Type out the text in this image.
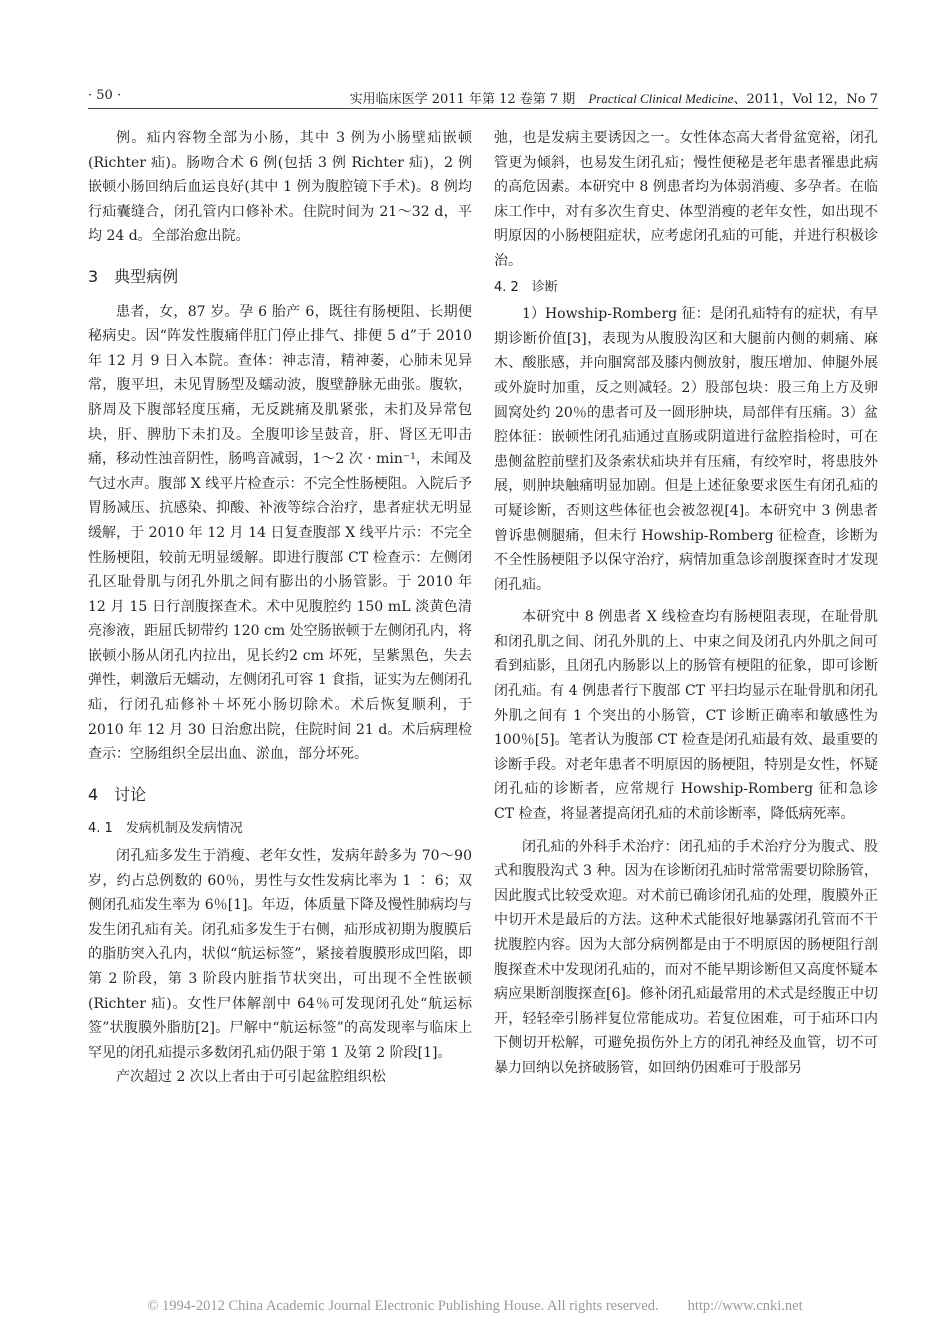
· 50 ·	实用临床医学 2011 年第 12 卷第 7 期　 Practical Clinical Medicine、2011，Vol 12，No 7

例。疝内容物全部为小肠，其中 3 例为小肠壁疝嵌顿(Richter 疝)。肠吻合术 6 例(包括 3 例 Richter 疝)，2 例嵌顿小肠回纳后血运良好(其中 1 例为腹腔镜下手术)。8 例均行疝囊缝合，闭孔管内口修补术。住院时间为 21～32 d，平均 24 d。全部治愈出院。

3　典型病例

患者，女，87 岁。孕 6 胎产 6，既往有肠梗阻、长期便秘病史。因“阵发性腹痛伴肛门停止排气、排便 5 d”于 2010 年 12 月 9 日入本院。查体：神志清，精神萎，心肺未见异常，腹平坦，未见胃肠型及蠕动波，腹壁静脉无曲张。腹软，脐周及下腹部轻度压痛，无反跳痛及肌紧张，未扪及异常包块，肝、脾肋下未扪及。全腹叩诊呈鼓音，肝、肾区无叩击痛，移动性浊音阴性，肠鸣音减弱，1～2 次 · min⁻¹，未闻及气过水声。腹部 X 线平片检查示：不完全性肠梗阻。入院后予胃肠减压、抗感染、抑酸、补液等综合治疗，患者症状无明显缓解，于 2010 年 12 月 14 日复查腹部 X 线平片示：不完全性肠梗阻，较前无明显缓解。即进行腹部 CT 检查示：左侧闭孔区耻骨肌与闭孔外肌之间有膨出的小肠管影。于 2010 年 12 月 15 日行剖腹探查术。术中见腹腔约 150 mL 淡黄色清亮渗液，距屈氏韧带约 120 cm 处空肠嵌顿于左侧闭孔内，将嵌顿小肠从闭孔内拉出，见长约2 cm 坏死，呈紫黑色，失去弹性，刺激后无蠕动，左侧闭孔可容 1 食指，证实为左侧闭孔疝，行闭孔疝修补＋坏死小肠切除术。术后恢复顺利，于 2010 年 12 月 30 日治愈出院，住院时间 21 d。术后病理检查示：空肠组织全层出血、淤血，部分坏死。

4　讨论

4. 1　发病机制及发病情况

闭孔疝多发生于消瘦、老年女性，发病年龄多为 70～90 岁，约占总例数的 60％，男性与女性发病比率为 1 ∶ 6；双侧闭孔疝发生率为 6％[1]。年迈，体质量下降及慢性肺病均与发生闭孔疝有关。闭孔疝多发生于右侧，疝形成初期为腹膜后的脂肪突入孔内，状似“航运标签”，紧接着腹膜形成凹陷，即第 2 阶段，第 3 阶段内脏指节状突出，可出现不全性嵌顿(Richter 疝)。女性尸体解剖中 64％可发现闭孔处“航运标签”状腹膜外脂肪[2]。尸解中“航运标签”的高发现率与临床上罕见的闭孔疝提示多数闭孔疝仍限于第 1 及第 2 阶段[1]。

产次超过 2 次以上者由于可引起盆腔组织松

弛，也是发病主要诱因之一。女性体态高大者骨盆宽裕，闭孔管更为倾斜，也易发生闭孔疝；慢性便秘是老年患者罹患此病的高危因素。本研究中 8 例患者均为体弱消瘦、多孕者。在临床工作中，对有多次生育史、体型消瘦的老年女性，如出现不明原因的小肠梗阻症状，应考虑闭孔疝的可能，并进行积极诊治。

4. 2　诊断

1）Howship-Romberg 征：是闭孔疝特有的症状，有早期诊断价值[3]，表现为从腹股沟区和大腿前内侧的刺痛、麻木、酸胀感，并向腘窝部及膝内侧放射，腹压增加、伸腿外展或外旋时加重，反之则减轻。2）股部包块：股三角上方及卵圆窝处约 20％的患者可及一圆形肿块，局部伴有压痛。3）盆腔体征：嵌顿性闭孔疝通过直肠或阴道进行盆腔指检时，可在患侧盆腔前壁扪及条索状疝块并有压痛，有绞窄时，将患肢外展，则肿块触痛明显加剧。但是上述征象要求医生有闭孔疝的可疑诊断，否则这些体征也会被忽视[4]。本研究中 3 例患者曾诉患侧腿痛，但未行 Howship-Romberg 征检查，诊断为不全性肠梗阻予以保守治疗，病情加重急诊剖腹探查时才发现闭孔疝。

本研究中 8 例患者 X 线检查均有肠梗阻表现，在耻骨肌和闭孔肌之间、闭孔外肌的上、中束之间及闭孔内外肌之间可看到疝影，且闭孔内肠影以上的肠管有梗阻的征象，即可诊断闭孔疝。有 4 例患者行下腹部 CT 平扫均显示在耻骨肌和闭孔外肌之间有 1 个突出的小肠管，CT 诊断正确率和敏感性为 100％[5]。笔者认为腹部 CT 检查是闭孔疝最有效、最重要的诊断手段。对老年患者不明原因的肠梗阻，特别是女性，怀疑闭孔疝的诊断者，应常规行 Howship-Romberg 征和急诊 CT 检查，将显著提高闭孔疝的术前诊断率，降低病死率。

闭孔疝的外科手术治疗：闭孔疝的手术治疗分为腹式、股式和腹股沟式 3 种。因为在诊断闭孔疝时常常需要切除肠管，因此腹式比较受欢迎。对术前已确诊闭孔疝的处理，腹膜外正中切开术是最后的方法。这种术式能很好地暴露闭孔管而不干扰腹腔内容。因为大部分病例都是由于不明原因的肠梗阻行剖腹探查术中发现闭孔疝的，而对不能早期诊断但又高度怀疑本病应果断剖腹探查[6]。修补闭孔疝最常用的术式是经腹正中切开，轻轻牵引肠袢复位常能成功。若复位困难，可于疝环口内下侧切开松解，可避免损伤外上方的闭孔神经及血管，切不可暴力回纳以免挤破肠管，如回纳仍困难可于股部另

© 1994-2012 China Academic Journal Electronic Publishing House. All rights reserved.　　http://www.cnki.net
